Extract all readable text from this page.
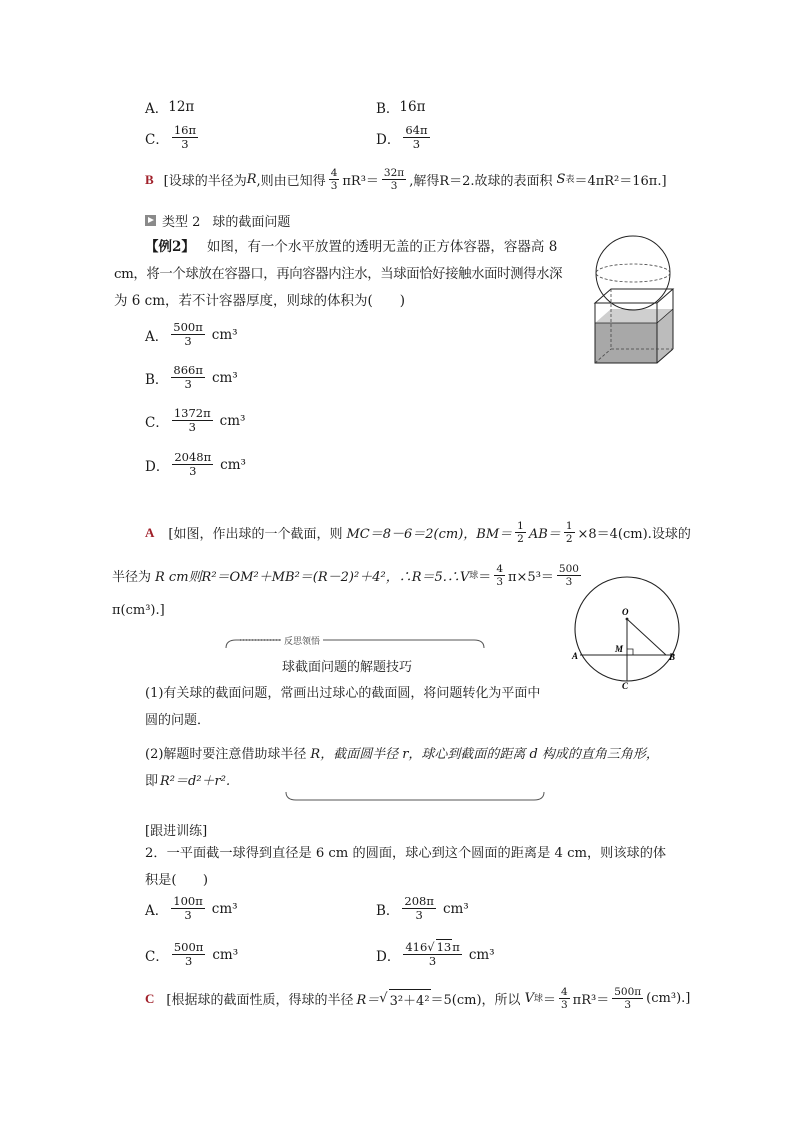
A． 12π	B． 16π
C． $\frac{16\pi}{3}$	D． $\frac{64\pi}{3}$
B [设球的半径为 R ,则由已知得 $\frac{4}{3} \pi R^3= \frac{32\pi}{3}$ ,解得 R＝2.故球的表面积 S 表 ＝4πR²＝16π.]
类型 2 球的截面问题
【例2】 如图，有一个水平放置的透明无盖的正方体容器，容器高 8
cm，将一个球放在容器口，再向容器内注水，当球面恰好接触水面时测得水深
为 6 cm，若不计容器厚度，则球的体积为(　　)
A． $\frac{500\pi}{3} cm^3$
B． $\frac{866\pi}{3} cm^3$
C． $\frac{1372\pi}{3} cm^3$
D． $\frac{2048\pi}{3} cm^3$
A [如图，作出球的一个截面，则 MC＝8－6＝2(cm)， $BM= \frac{1}{2} AB= \frac{1}{2} \times 8=4(cm)$.设球的
半径为 R cm则 R²＝OM²＋MB²＝(R－2)²＋4²，∴R＝5.∴V 球 ＝ $\frac{4}{3} \pi\times 5^3= \frac{500}{3}$
π(cm³).]	O
M
A	B
C
反思领悟
球截面问题的解题技巧
(1)有关球的截面问题，常画出过球心的截面圆，将问题转化为平面中
圆的问题．
(2)解题时要注意借助球半径 R，截面圆半径 r，球心到截面的距离 d 构成的直角三角形，
即 R²＝d²＋r².
[跟进训练]
2．一平面截一球得到直径是 6 cm 的圆面，球心到这个圆面的距离是 4 cm，则该球的体
积是(　　)
A． $\frac{100\pi}{3} cm^3$	B． $\frac{208\pi}{3} cm^3$
C． $\frac{500\pi}{3} cm^3$	D． $\frac{416√ 13\pi}{3} cm^3$
C [根据球的截面性质，得球的半径 R＝ √ 3²＋4² ＝5(cm)，所以 V 球 ＝ $\frac{4}{3} \pi R^3= \frac{500\pi}{3} (cm^3)$.]
